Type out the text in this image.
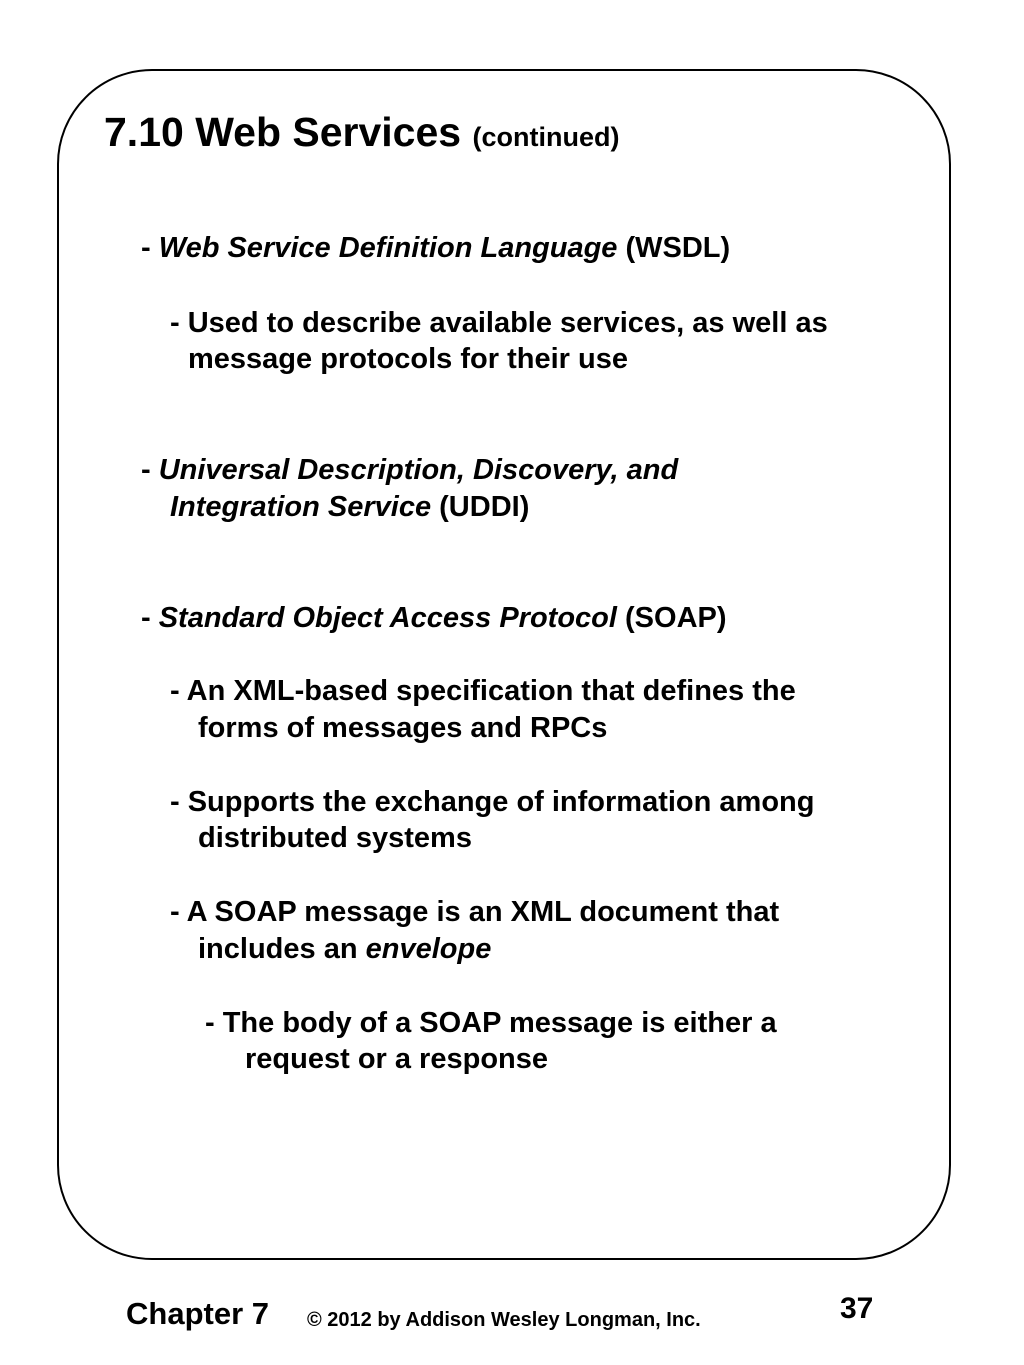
7.10 Web Services (continued)
- Web Service Definition Language (WSDL)
- Used to describe available services, as well as
message protocols for their use
- Universal Description, Discovery, and
Integration Service (UDDI)
- Standard Object Access Protocol (SOAP)
- An XML-based specification that defines the
forms of messages and RPCs
- Supports the exchange of information among
distributed systems
- A SOAP message is an XML document that
includes an envelope
- The body of a SOAP message is either a
request or a response
Chapter 7 © 2012 by Addison Wesley Longman, Inc.	37
